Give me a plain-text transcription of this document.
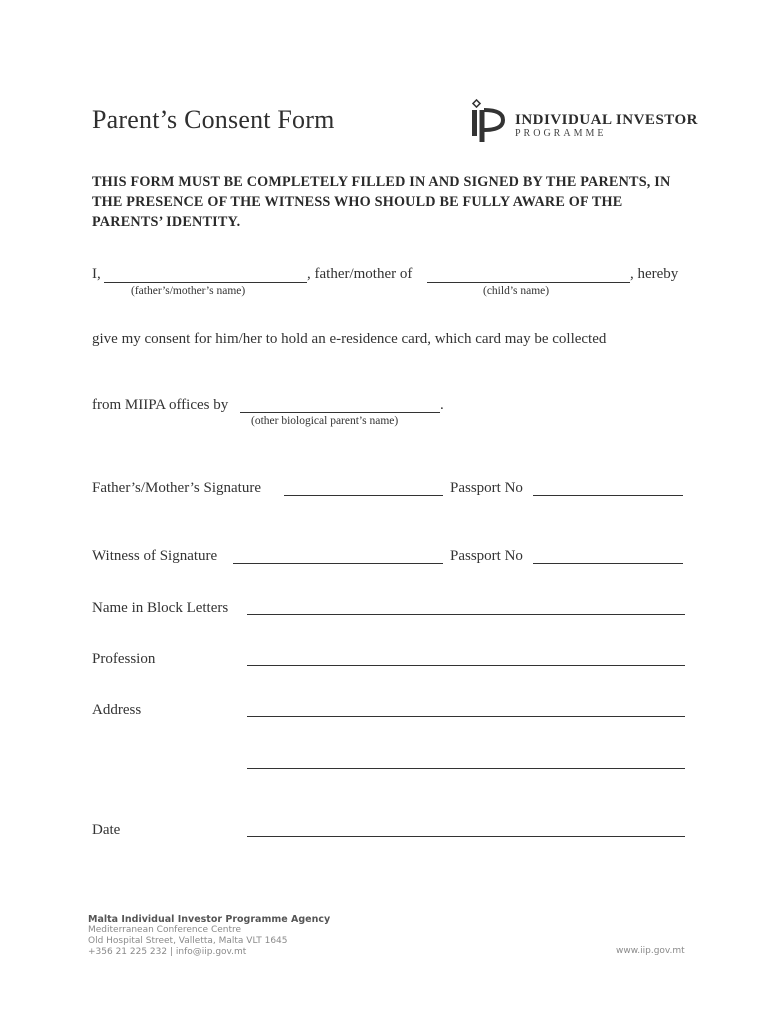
Parent’s Consent Form	INDIVIDUAL INVESTOR
PROGRAMME
THIS FORM MUST BE COMPLETELY FILLED IN AND SIGNED BY THE PARENTS, IN THE PRESENCE OF THE WITNESS WHO SHOULD BE FULLY AWARE OF THE PARENTS’ IDENTITY.
I,	, father/mother of	, hereby
(father’s/mother’s name)	(child’s name)
give my consent for him/her to hold an e-residence card, which card may be collected
from MIIPA offices by	.
(other biological parent’s name)
Father’s/Mother’s Signature	Passport No
Witness of Signature	Passport No
Name in Block Letters
Profession
Address
Date
Malta Individual Investor Programme Agency
Mediterranean Conference Centre
Old Hospital Street, Valletta, Malta VLT 1645
+356 21 225 232 | info@iip.gov.mt	www.iip.gov.mt
